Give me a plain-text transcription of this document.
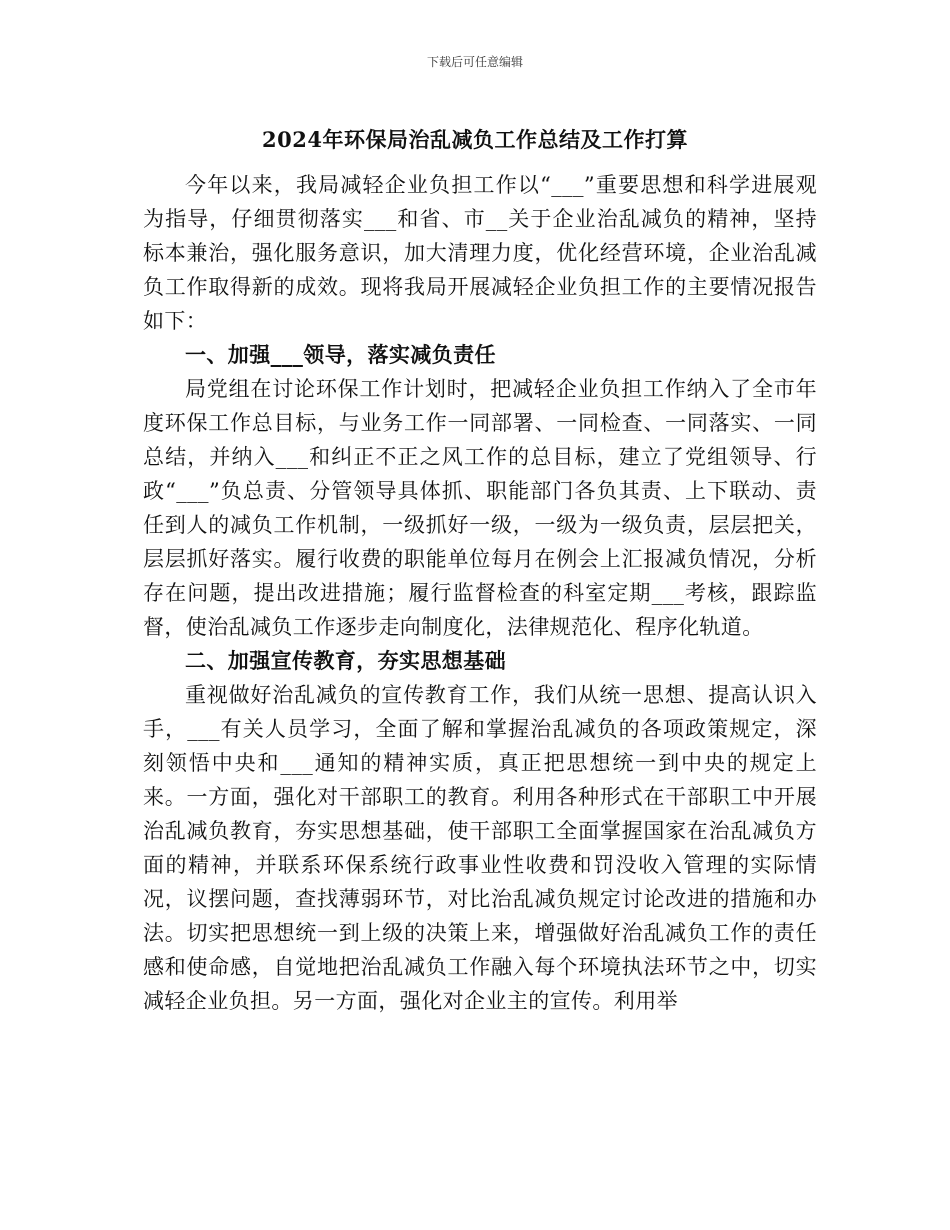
下载后可任意编辑
2024年环保局治乱减负工作总结及工作打算

今年以来，我局减轻企业负担工作以“___”重要思想和科学进展观为指导，仔细贯彻落实___和省、市__关于企业治乱减负的精神，坚持标本兼治，强化服务意识，加大清理力度，优化经营环境，企业治乱减负工作取得新的成效。现将我局开展减轻企业负担工作的主要情况报告如下：

一、加强___领导，落实减负责任

局党组在讨论环保工作计划时，把减轻企业负担工作纳入了全市年度环保工作总目标，与业务工作一同部署、一同检查、一同落实、一同总结，并纳入___和纠正不正之风工作的总目标，建立了党组领导、行政“___”负总责、分管领导具体抓、职能部门各负其责、上下联动、责任到人的减负工作机制，一级抓好一级，一级为一级负责，层层把关，层层抓好落实。履行收费的职能单位每月在例会上汇报减负情况，分析存在问题，提出改进措施；履行监督检查的科室定期___考核，跟踪监督，使治乱减负工作逐步走向制度化，法律规范化、程序化轨道。

二、加强宣传教育，夯实思想基础

重视做好治乱减负的宣传教育工作，我们从统一思想、提高认识入手，___有关人员学习，全面了解和掌握治乱减负的各项政策规定，深刻领悟中央和___通知的精神实质，真正把思想统一到中央的规定上来。一方面，强化对干部职工的教育。利用各种形式在干部职工中开展治乱减负教育，夯实思想基础，使干部职工全面掌握国家在治乱减负方面的精神，并联系环保系统行政事业性收费和罚没收入管理的实际情况，议摆问题，查找薄弱环节，对比治乱减负规定讨论改进的措施和办法。切实把思想统一到上级的决策上来，增强做好治乱减负工作的责任感和使命感，自觉地把治乱减负工作融入每个环境执法环节之中，切实减轻企业负担。另一方面，强化对企业主的宣传。利用举
